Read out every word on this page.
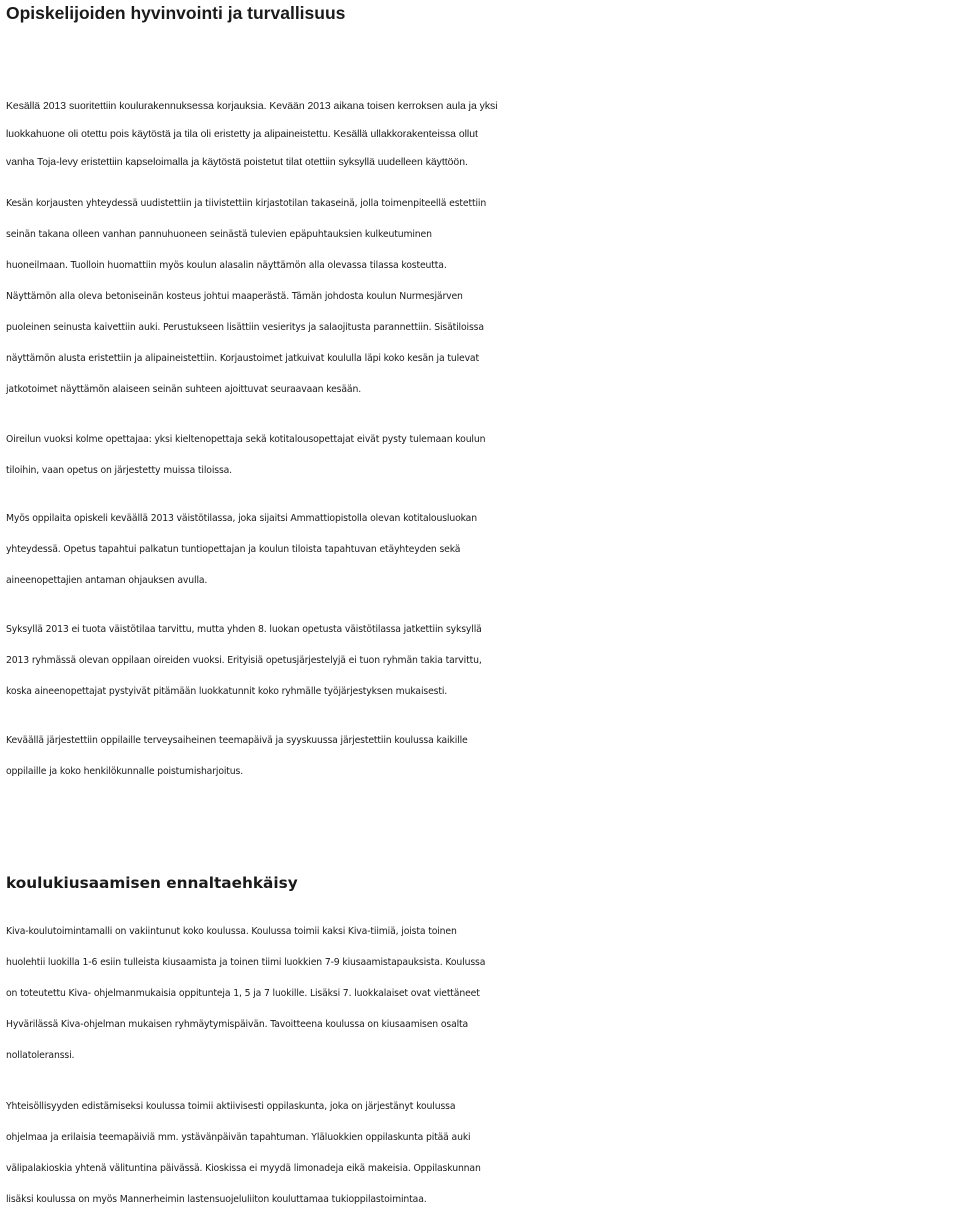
Opiskelijoiden hyvinvointi ja turvallisuus
Kesällä 2013 suoritettiin koulurakennuksessa korjauksia. Kevään 2013 aikana toisen kerroksen aula ja yksi
luokkahuone oli otettu pois käytöstä ja tila oli eristetty ja alipaineistettu. Kesällä ullakkorakenteissa ollut
vanha Toja-levy eristettiin kapseloimalla ja käytöstä poistetut tilat otettiin syksyllä uudelleen käyttöön.
Kesän korjausten yhteydessä uudistettiin ja tiivistettiin kirjastotilan takaseinä, jolla toimenpiteellä estettiin
seinän takana olleen vanhan pannuhuoneen seinästä tulevien epäpuhtauksien kulkeutuminen
huoneilmaan. Tuolloin huomattiin myös koulun alasalin näyttämön alla olevassa tilassa kosteutta.
Näyttämön alla oleva betoniseinän kosteus johtui maaperästä. Tämän johdosta koulun Nurmesjärven
puoleinen seinusta kaivettiin auki. Perustukseen lisättiin vesieritys ja salaojitusta parannettiin. Sisätiloissa
näyttämön alusta eristettiin ja alipaineistettiin. Korjaustoimet jatkuivat koululla läpi koko kesän ja tulevat
jatkotoimet näyttämön alaiseen seinän suhteen ajoittuvat seuraavaan kesään.
Oireilun vuoksi kolme opettajaa: yksi kieltenopettaja sekä kotitalousopettajat eivät pysty tulemaan koulun
tiloihin, vaan opetus on järjestetty muissa tiloissa.
Myös oppilaita opiskeli keväällä 2013 väistötilassa, joka sijaitsi Ammattiopistolla olevan kotitalousluokan
yhteydessä. Opetus tapahtui palkatun tuntiopettajan ja koulun tiloista tapahtuvan etäyhteyden sekä
aineenopettajien antaman ohjauksen avulla.
Syksyllä 2013 ei tuota väistötilaa tarvittu, mutta yhden 8. luokan opetusta väistötilassa jatkettiin syksyllä
2013 ryhmässä olevan oppilaan oireiden vuoksi. Erityisiä opetusjärjestelyjä ei tuon ryhmän takia tarvittu,
koska aineenopettajat pystyivät pitämään luokkatunnit koko ryhmälle työjärjestyksen mukaisesti.
Keväällä järjestettiin oppilaille terveysaiheinen teemapäivä ja syyskuussa järjestettiin koulussa kaikille
oppilaille ja koko henkilökunnalle poistumisharjoitus.
koulukiusaamisen ennaltaehkäisy
Kiva-koulutoimintamalli on vakiintunut koko koulussa. Koulussa toimii kaksi Kiva-tiimiä, joista toinen
huolehtii luokilla 1-6 esiin tulleista kiusaamista ja toinen tiimi luokkien 7-9 kiusaamistapauksista. Koulussa
on toteutettu Kiva- ohjelmanmukaisia oppitunteja 1, 5 ja 7 luokille. Lisäksi 7. luokkalaiset ovat viettäneet
Hyvärilässä Kiva-ohjelman mukaisen ryhmäytymispäivän. Tavoitteena koulussa on kiusaamisen osalta
nollatoleranssi.
Yhteisöllisyyden edistämiseksi koulussa toimii aktiivisesti oppilaskunta, joka on järjestänyt koulussa
ohjelmaa ja erilaisia teemapäiviä mm. ystävänpäivän tapahtuman. Yläluokkien oppilaskunta pitää auki
välipalakioskia yhtenä välituntina päivässä. Kioskissa ei myydä limonadeja eikä makeisia. Oppilaskunnan
lisäksi koulussa on myös Mannerheimin lastensuojeluliiton kouluttamaa tukioppilastoimintaa.
